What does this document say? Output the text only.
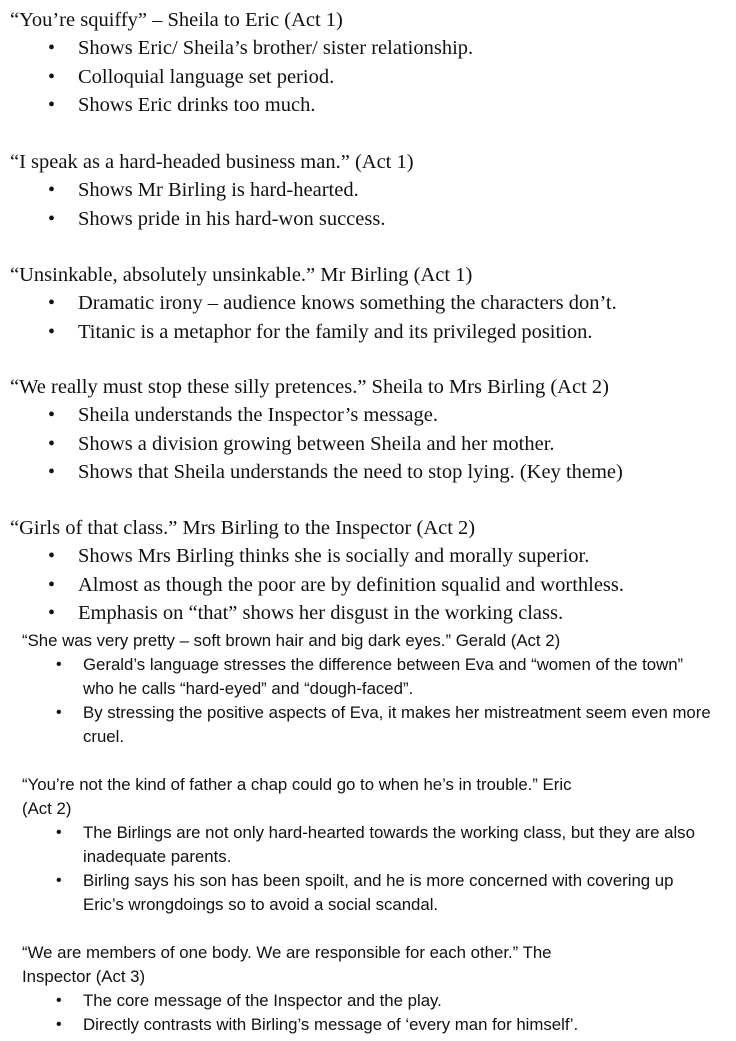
“You’re squiffy” – Sheila to Eric (Act 1)
• Shows Eric/ Sheila’s brother/ sister relationship.
• Colloquial language set period.
• Shows Eric drinks too much.
“I speak as a hard-headed business man.” (Act 1)
• Shows Mr Birling is hard-hearted.
• Shows pride in his hard-won success.
“Unsinkable, absolutely unsinkable.” Mr Birling (Act 1)
• Dramatic irony – audience knows something the characters don’t.
• Titanic is a metaphor for the family and its privileged position.
“We really must stop these silly pretences.” Sheila to Mrs Birling (Act 2)
• Sheila understands the Inspector’s message.
• Shows a division growing between Sheila and her mother.
• Shows that Sheila understands the need to stop lying. (Key theme)
“Girls of that class.” Mrs Birling to the Inspector (Act 2)
• Shows Mrs Birling thinks she is socially and morally superior.
• Almost as though the poor are by definition squalid and worthless.
• Emphasis on “that” shows her disgust in the working class.
“She was very pretty – soft brown hair and big dark eyes.” Gerald (Act 2)
• Gerald’s language stresses the difference between Eva and “women of the town” who he calls “hard-eyed” and “dough-faced”.
• By stressing the positive aspects of Eva, it makes her mistreatment seem even more cruel.
“You’re not the kind of father a chap could go to when he’s in trouble.” Eric
(Act 2)
• The Birlings are not only hard-hearted towards the working class, but they are also inadequate parents.
• Birling says his son has been spoilt, and he is more concerned with covering up Eric’s wrongdoings so to avoid a social scandal.
“We are members of one body. We are responsible for each other.” The
Inspector (Act 3)
• The core message of the Inspector and the play.
• Directly contrasts with Birling’s message of ‘every man for himself’.
